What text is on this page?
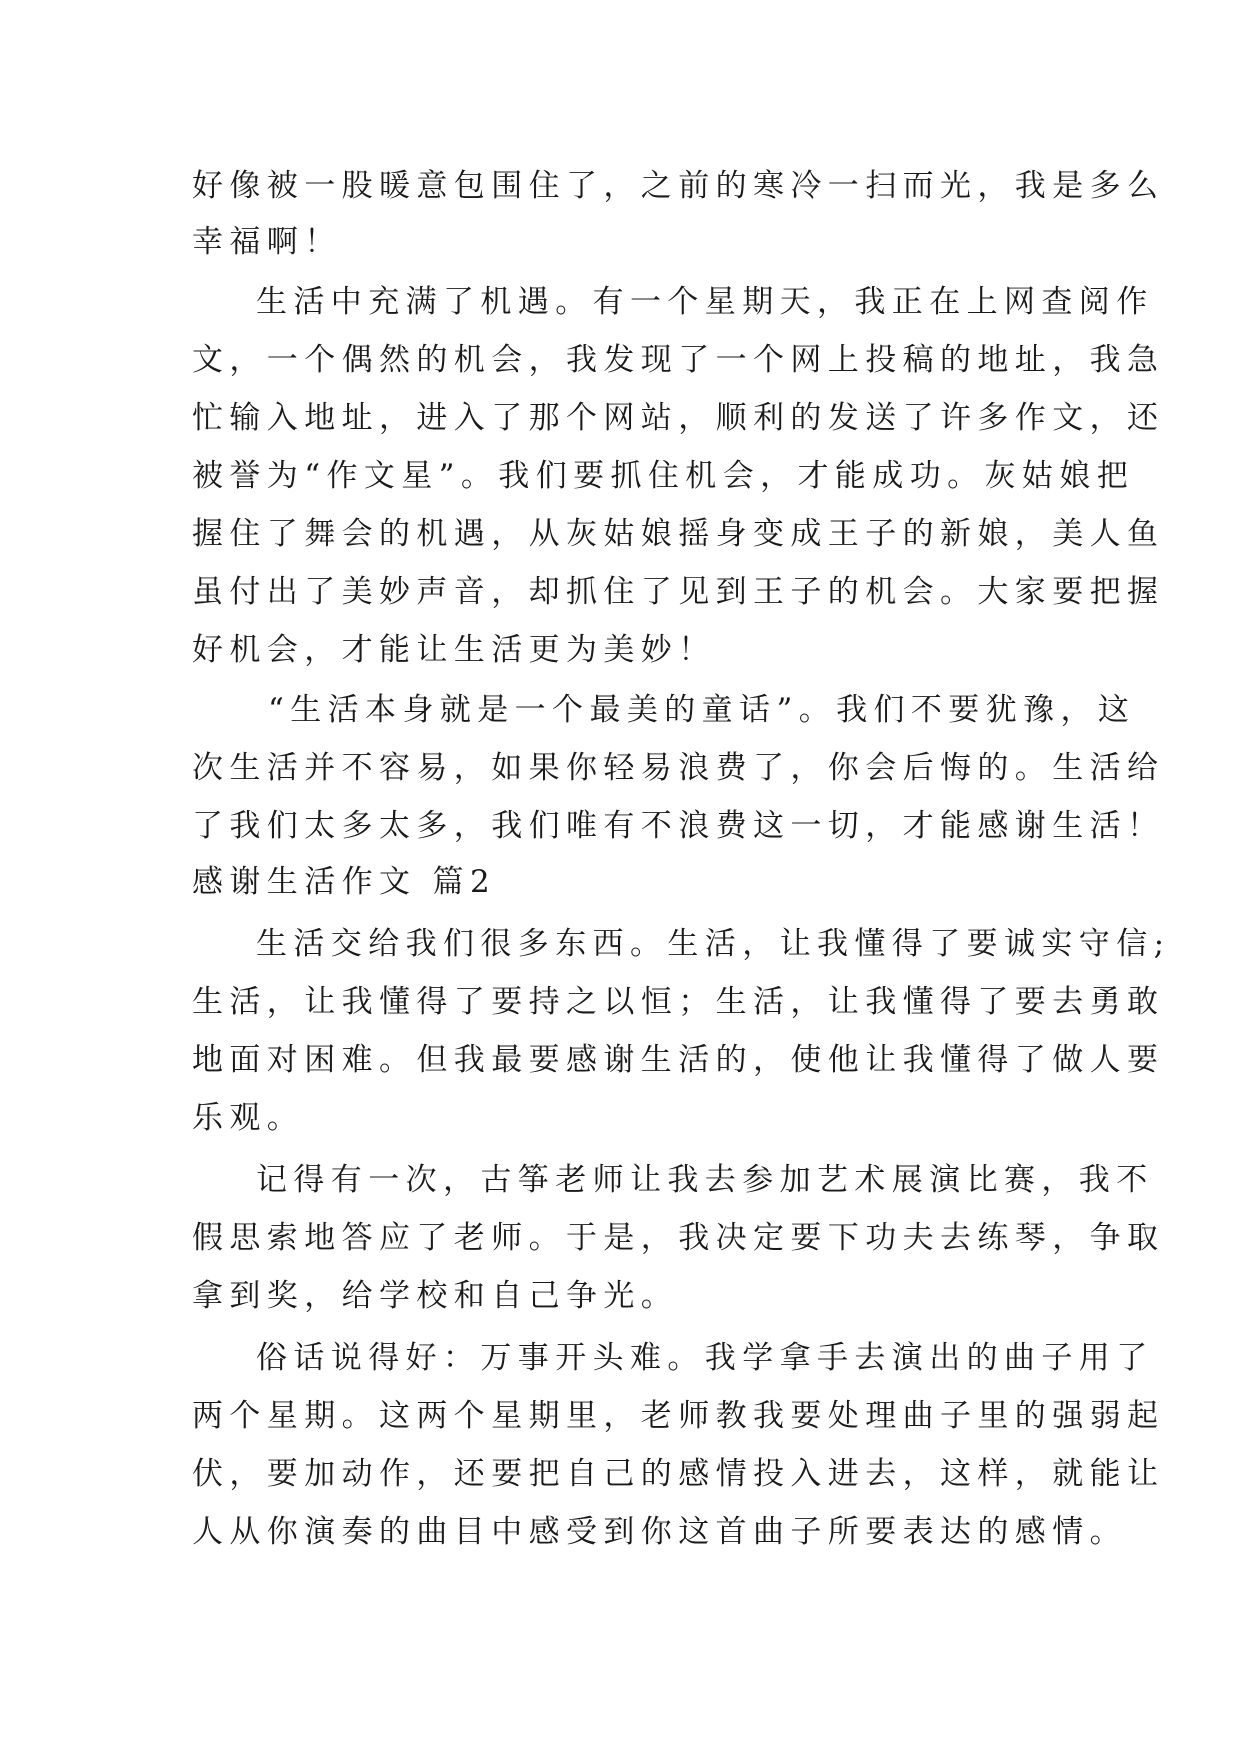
好像被一股暖意包围住了，之前的寒冷一扫而光，我是多么
幸福啊！
生活中充满了机遇。有一个星期天，我正在上网查阅作
文，一个偶然的机会，我发现了一个网上投稿的地址，我急
忙输入地址，进入了那个网站，顺利的发送了许多作文，还
被誉为“作文星”。我们要抓住机会，才能成功。灰姑娘把
握住了舞会的机遇，从灰姑娘摇身变成王子的新娘，美人鱼
虽付出了美妙声音，却抓住了见到王子的机会。大家要把握
好机会，才能让生活更为美妙！
“生活本身就是一个最美的童话”。我们不要犹豫，这
次生活并不容易，如果你轻易浪费了，你会后悔的。生活给
了我们太多太多，我们唯有不浪费这一切，才能感谢生活！
感谢生活作文 篇2
生活交给我们很多东西。生活，让我懂得了要诚实守信;
生活，让我懂得了要持之以恒；生活，让我懂得了要去勇敢
地面对困难。但我最要感谢生活的，使他让我懂得了做人要
乐观。
记得有一次，古筝老师让我去参加艺术展演比赛，我不
假思索地答应了老师。于是，我决定要下功夫去练琴，争取
拿到奖，给学校和自己争光。
俗话说得好：万事开头难。我学拿手去演出的曲子用了
两个星期。这两个星期里，老师教我要处理曲子里的强弱起
伏，要加动作，还要把自己的感情投入进去，这样，就能让
人从你演奏的曲目中感受到你这首曲子所要表达的感情。
